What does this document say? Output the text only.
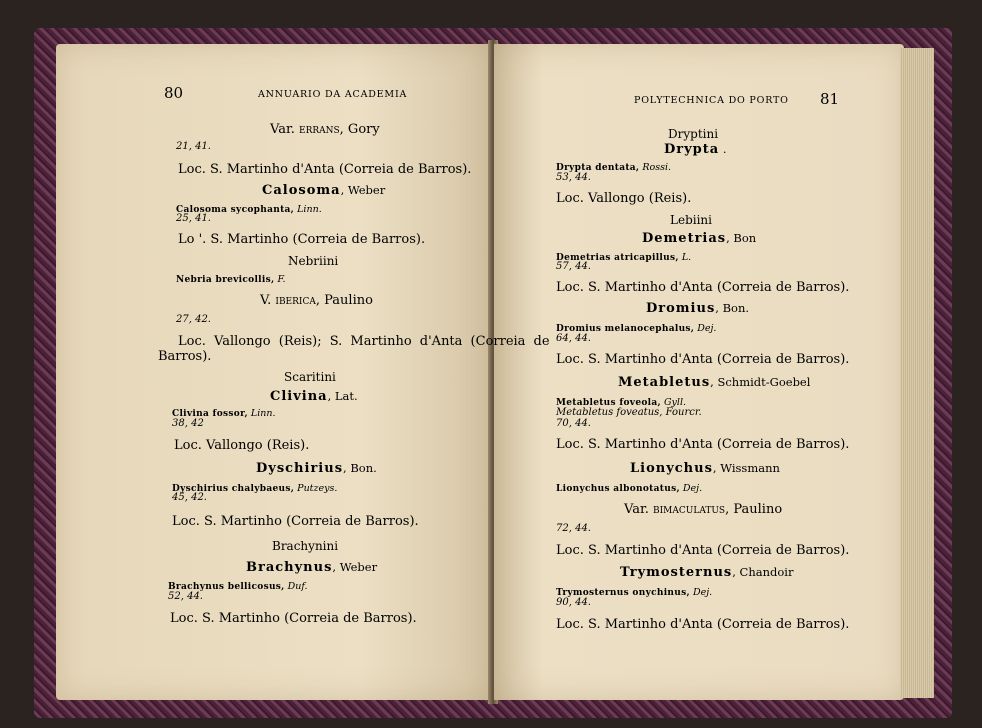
80	ANNUARIO DA ACADEMIA
Var. errans, Gory
21, 41.
Loc. S. Martinho d'Anta (Correia de Barros).
Calosoma, Weber
Calosoma sycophanta, Linn.
25, 41.
Lo '. S. Martinho (Correia de Barros).
Nebriini
Nebria brevicollis, F.
V. iberica, Paulino
27, 42.
Loc. Vallongo (Reis); S. Martinho d'Anta (Correia de
Barros).
Scaritini
Clivina, Lat.
Clivina fossor, Linn.
38, 42
Loc. Vallongo (Reis).
Dyschirius, Bon.
Dyschirius chalybaeus, Putzeys.
45, 42.
Loc. S. Martinho (Correia de Barros).
Brachynini
Brachynus, Weber
Brachynus bellicosus, Duf.
52, 44.
Loc. S. Martinho (Correia de Barros).
POLYTECHNICA DO PORTO 81
Dryptini
Drypta .
Drypta dentata, Rossi.
53, 44.
Loc. Vallongo (Reis).
Lebiini
Demetrias, Bon
Demetrias atricapillus, L.
57, 44.
Loc. S. Martinho d'Anta (Correia de Barros).
Dromius, Bon.
Dromius melanocephalus, Dej.
64, 44.
Loc. S. Martinho d'Anta (Correia de Barros).
Metabletus, Schmidt-Goebel
Metabletus foveola, Gyll.
Metabletus foveatus, Fourcr.
70, 44.
Loc. S. Martinho d'Anta (Correia de Barros).
Lionychus, Wissmann
Lionychus albonotatus, Dej.
Var. bimaculatus, Paulino
72, 44.
Loc. S. Martinho d'Anta (Correia de Barros).
Trymosternus, Chandoir
Trymosternus onychinus, Dej.
90, 44.
Loc. S. Martinho d'Anta (Correia de Barros).
